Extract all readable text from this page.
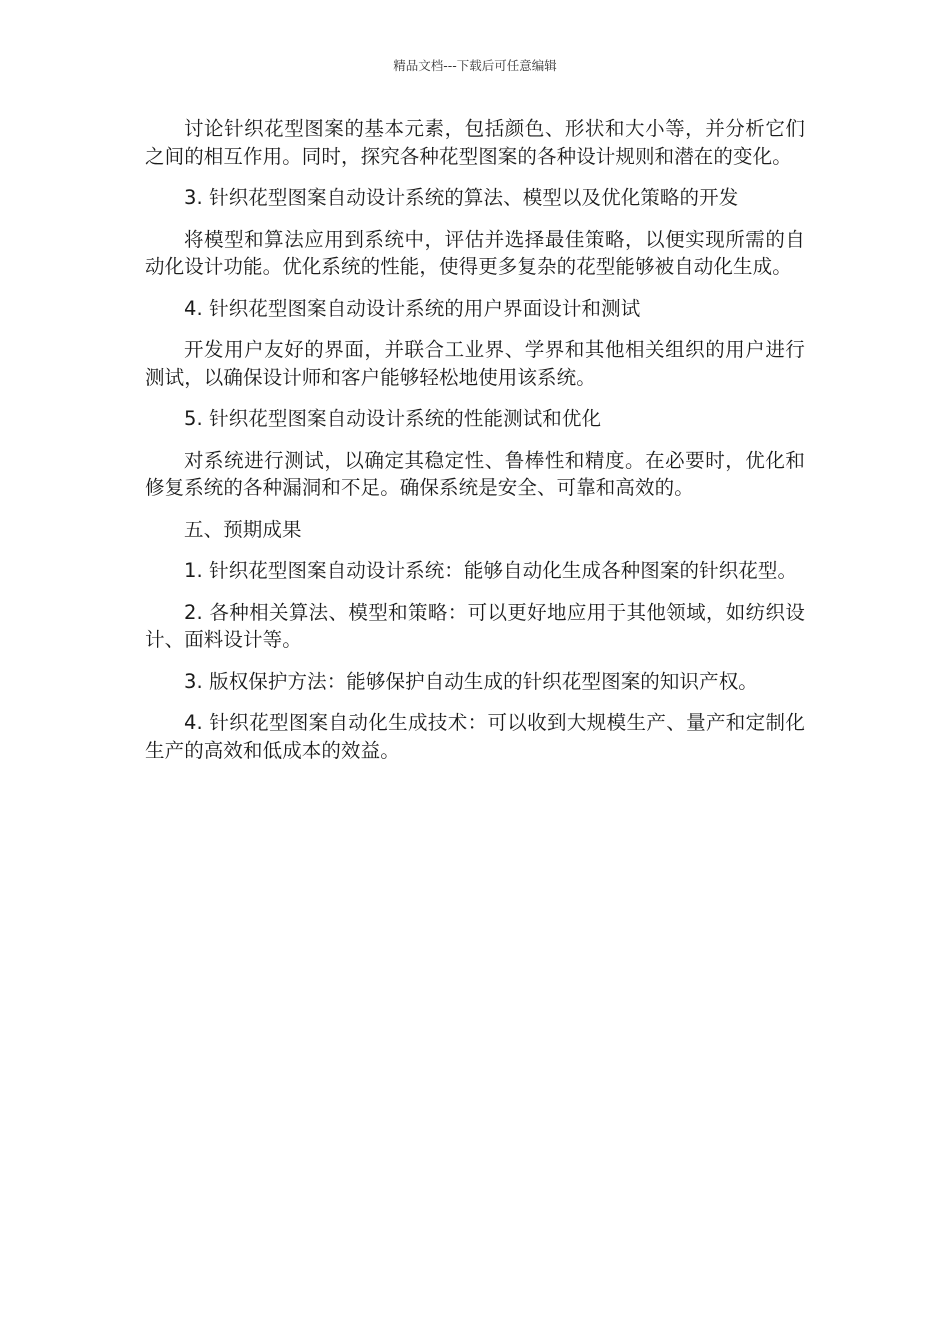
精品文档---下载后可任意编辑

讨论针织花型图案的基本元素，包括颜色、形状和大小等，并分析它们之间的相互作用。同时，探究各种花型图案的各种设计规则和潜在的变化。

3. 针织花型图案自动设计系统的算法、模型以及优化策略的开发

将模型和算法应用到系统中，评估并选择最佳策略，以便实现所需的自动化设计功能。优化系统的性能，使得更多复杂的花型能够被自动化生成。

4. 针织花型图案自动设计系统的用户界面设计和测试

开发用户友好的界面，并联合工业界、学界和其他相关组织的用户进行测试，以确保设计师和客户能够轻松地使用该系统。

5. 针织花型图案自动设计系统的性能测试和优化

对系统进行测试，以确定其稳定性、鲁棒性和精度。在必要时，优化和修复系统的各种漏洞和不足。确保系统是安全、可靠和高效的。

五、预期成果

1. 针织花型图案自动设计系统：能够自动化生成各种图案的针织花型。

2. 各种相关算法、模型和策略：可以更好地应用于其他领域，如纺织设计、面料设计等。

3. 版权保护方法：能够保护自动生成的针织花型图案的知识产权。

4. 针织花型图案自动化生成技术：可以收到大规模生产、量产和定制化生产的高效和低成本的效益。
